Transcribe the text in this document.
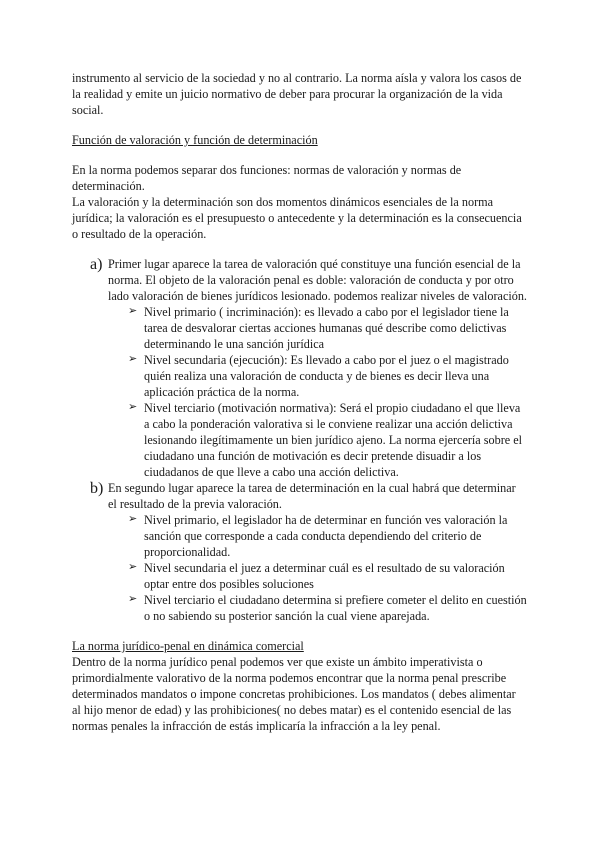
instrumento al servicio de la sociedad y no al contrario. La norma aísla y valora los casos de la realidad y emite un juicio normativo de deber para procurar la organización de la vida social.

Función de valoración y función de determinación

En la norma podemos separar dos funciones: normas de valoración y normas de determinación.

La valoración y la determinación son dos momentos dinámicos esenciales de la norma jurídica; la valoración es el presupuesto o antecedente y la determinación es la consecuencia o resultado de la operación.

a) Primer lugar aparece la tarea de valoración qué constituye una función esencial de la norma. El objeto de la valoración penal es doble: valoración de conducta y por otro lado valoración de bienes jurídicos lesionado. podemos realizar niveles de valoración.

➢ Nivel primario ( incriminación): es llevado a cabo por el legislador tiene la tarea de desvalorar ciertas acciones humanas qué describe como delictivas determinando le una sanción jurídica

➢ Nivel secundaria (ejecución): Es llevado a cabo por el juez o el magistrado quién realiza una valoración de conducta y de bienes es decir lleva una aplicación práctica de la norma.

➢ Nivel terciario (motivación normativa): Será el propio ciudadano el que lleva a cabo la ponderación valorativa si le conviene realizar una acción delictiva lesionando ilegítimamente un bien jurídico ajeno. La norma ejercería sobre el ciudadano una función de motivación es decir pretende disuadir a los ciudadanos de que lleve a cabo una acción delictiva.

b) En segundo lugar aparece la tarea de determinación en la cual habrá que determinar el resultado de la previa valoración.

➢ Nivel primario, el legislador ha de determinar en función ves valoración la sanción que corresponde a cada conducta dependiendo del criterio de proporcionalidad.

➢ Nivel secundaria el juez a determinar cuál es el resultado de su valoración optar entre dos posibles soluciones

➢ Nivel terciario el ciudadano determina si prefiere cometer el delito en cuestión o no sabiendo su posterior sanción la cual viene aparejada.

La norma jurídico-penal en dinámica comercial

Dentro de la norma jurídico penal podemos ver que existe un ámbito imperativista o primordialmente valorativo de la norma podemos encontrar que la norma penal prescribe determinados mandatos o impone concretas prohibiciones. Los mandatos ( debes alimentar al hijo menor de edad) y las prohibiciones( no debes matar) es el contenido esencial de las normas penales la infracción de estás implicaría la infracción a la ley penal.
